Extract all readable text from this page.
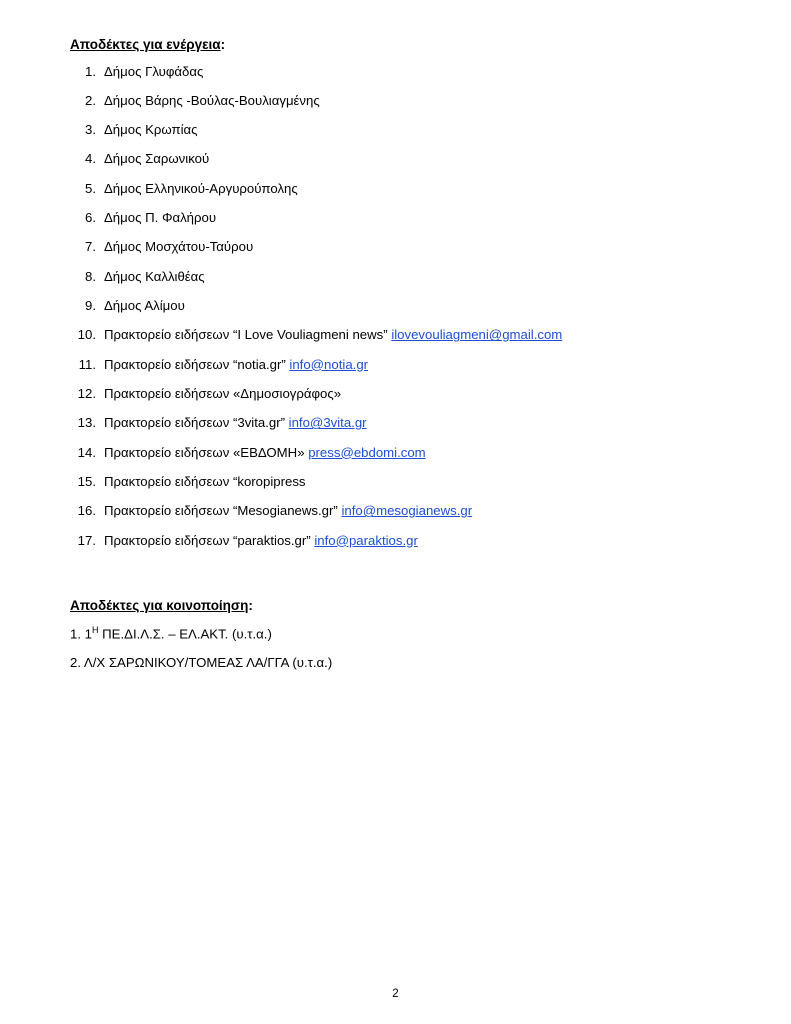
Αποδέκτες για ενέργεια:

1. Δήμος Γλυφάδας
2. Δήμος Βάρης -Βούλας-Βουλιαγμένης
3. Δήμος Κρωπίας
4. Δήμος Σαρωνικού
5. Δήμος Ελληνικού-Αργυρούπολης
6. Δήμος Π. Φαλήρου
7. Δήμος Μοσχάτου-Ταύρου
8. Δήμος Καλλιθέας
9. Δήμος Αλίμου
10. Πρακτορείο ειδήσεων “I Love Vouliagmeni news” ilovevouliagmeni@gmail.com
11. Πρακτορείο ειδήσεων “notia.gr” info@notia.gr
12. Πρακτορείο ειδήσεων «Δημοσιογράφος»
13. Πρακτορείο ειδήσεων “3vita.gr” info@3vita.gr
14. Πρακτορείο ειδήσεων «ΕΒΔΟΜΗ» press@ebdomi.com
15. Πρακτορείο ειδήσεων “koropipress
16. Πρακτορείο ειδήσεων “Mesogianews.gr” info@mesogianews.gr
17. Πρακτορείο ειδήσεων “paraktios.gr” info@paraktios.gr

Αποδέκτες για κοινοποίηση:

1. $1^H$ ΠΕ.ΔΙ.Λ.Σ. – ΕΛ.ΑΚΤ. (υ.τ.α.)
2. Λ/Χ ΣΑΡΩΝΙΚΟΥ/ΤΟΜΕΑΣ ΛΑ/ΓΓΑ (υ.τ.α.)
2
